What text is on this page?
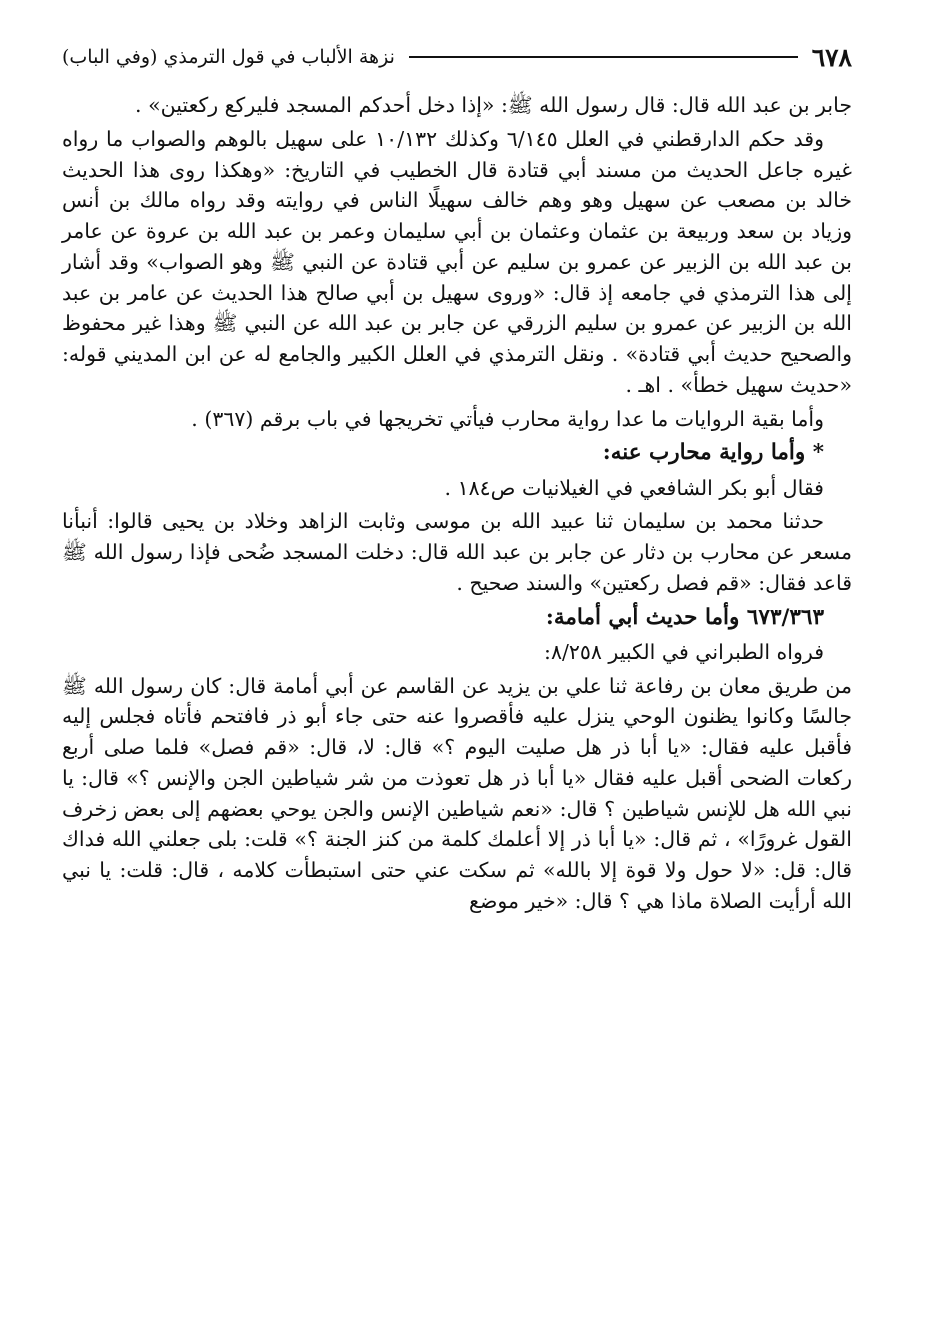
٦٧٨
نزهة الألباب في قول الترمذي (وفي الباب)

جابر بن عبد الله قال: قال رسول الله ﷺ: «إذا دخل أحدكم المسجد فليركع ركعتين» .

وقد حكم الدارقطني في العلل ٦/١٤٥ وكذلك ١٠/١٣٢ على سهيل بالوهم والصواب ما رواه غيره جاعل الحديث من مسند أبي قتادة قال الخطيب في التاريخ: «وهكذا روى هذا الحديث خالد بن مصعب عن سهيل وهو وهم خالف سهيلًا الناس في روايته وقد رواه مالك بن أنس وزياد بن سعد وربيعة بن عثمان وعثمان بن أبي سليمان وعمر بن عبد الله بن عروة عن عامر بن عبد الله بن الزبير عن عمرو بن سليم عن أبي قتادة عن النبي ﷺ وهو الصواب» وقد أشار إلى هذا الترمذي في جامعه إذ قال: «وروى سهيل بن أبي صالح هذا الحديث عن عامر بن عبد الله بن الزبير عن عمرو بن سليم الزرقي عن جابر بن عبد الله عن النبي ﷺ وهذا غير محفوظ والصحيح حديث أبي قتادة» . ونقل الترمذي في العلل الكبير والجامع له عن ابن المديني قوله: «حديث سهيل خطأ» . اهـ .

وأما بقية الروايات ما عدا رواية محارب فيأتي تخريجها في باب برقم (٣٦٧) .

* وأما رواية محارب عنه:

فقال أبو بكر الشافعي في الغيلانيات ص١٨٤ .

حدثنا محمد بن سليمان ثنا عبيد الله بن موسى وثابت الزاهد وخلاد بن يحيى قالوا: أنبأنا مسعر عن محارب بن دثار عن جابر بن عبد الله قال: دخلت المسجد ضُحى فإذا رسول الله ﷺ قاعد فقال: «قم فصل ركعتين» والسند صحيح .

٦٧٣/٣٦٣ وأما حديث أبي أمامة:

فرواه الطبراني في الكبير ٨/٢٥٨:

من طريق معان بن رفاعة ثنا علي بن يزيد عن القاسم عن أبي أمامة قال: كان رسول الله ﷺ جالسًا وكانوا يظنون الوحي ينزل عليه فأقصروا عنه حتى جاء أبو ذر فافتحم فأتاه فجلس إليه فأقبل عليه فقال: «يا أبا ذر هل صليت اليوم ؟» قال: لا، قال: «قم فصل» فلما صلى أربع ركعات الضحى أقبل عليه فقال «يا أبا ذر هل تعوذت من شر شياطين الجن والإنس ؟» قال: يا نبي الله هل للإنس شياطين ؟ قال: «نعم شياطين الإنس والجن يوحي بعضهم إلى بعض زخرف القول غرورًا» ، ثم قال: «يا أبا ذر إلا أعلمك كلمة من كنز الجنة ؟» قلت: بلى جعلني الله فداك قال: قل: «لا حول ولا قوة إلا بالله» ثم سكت عني حتى استبطأت كلامه ، قال: قلت: يا نبي الله أرأيت الصلاة ماذا هي ؟ قال: «خير موضع
